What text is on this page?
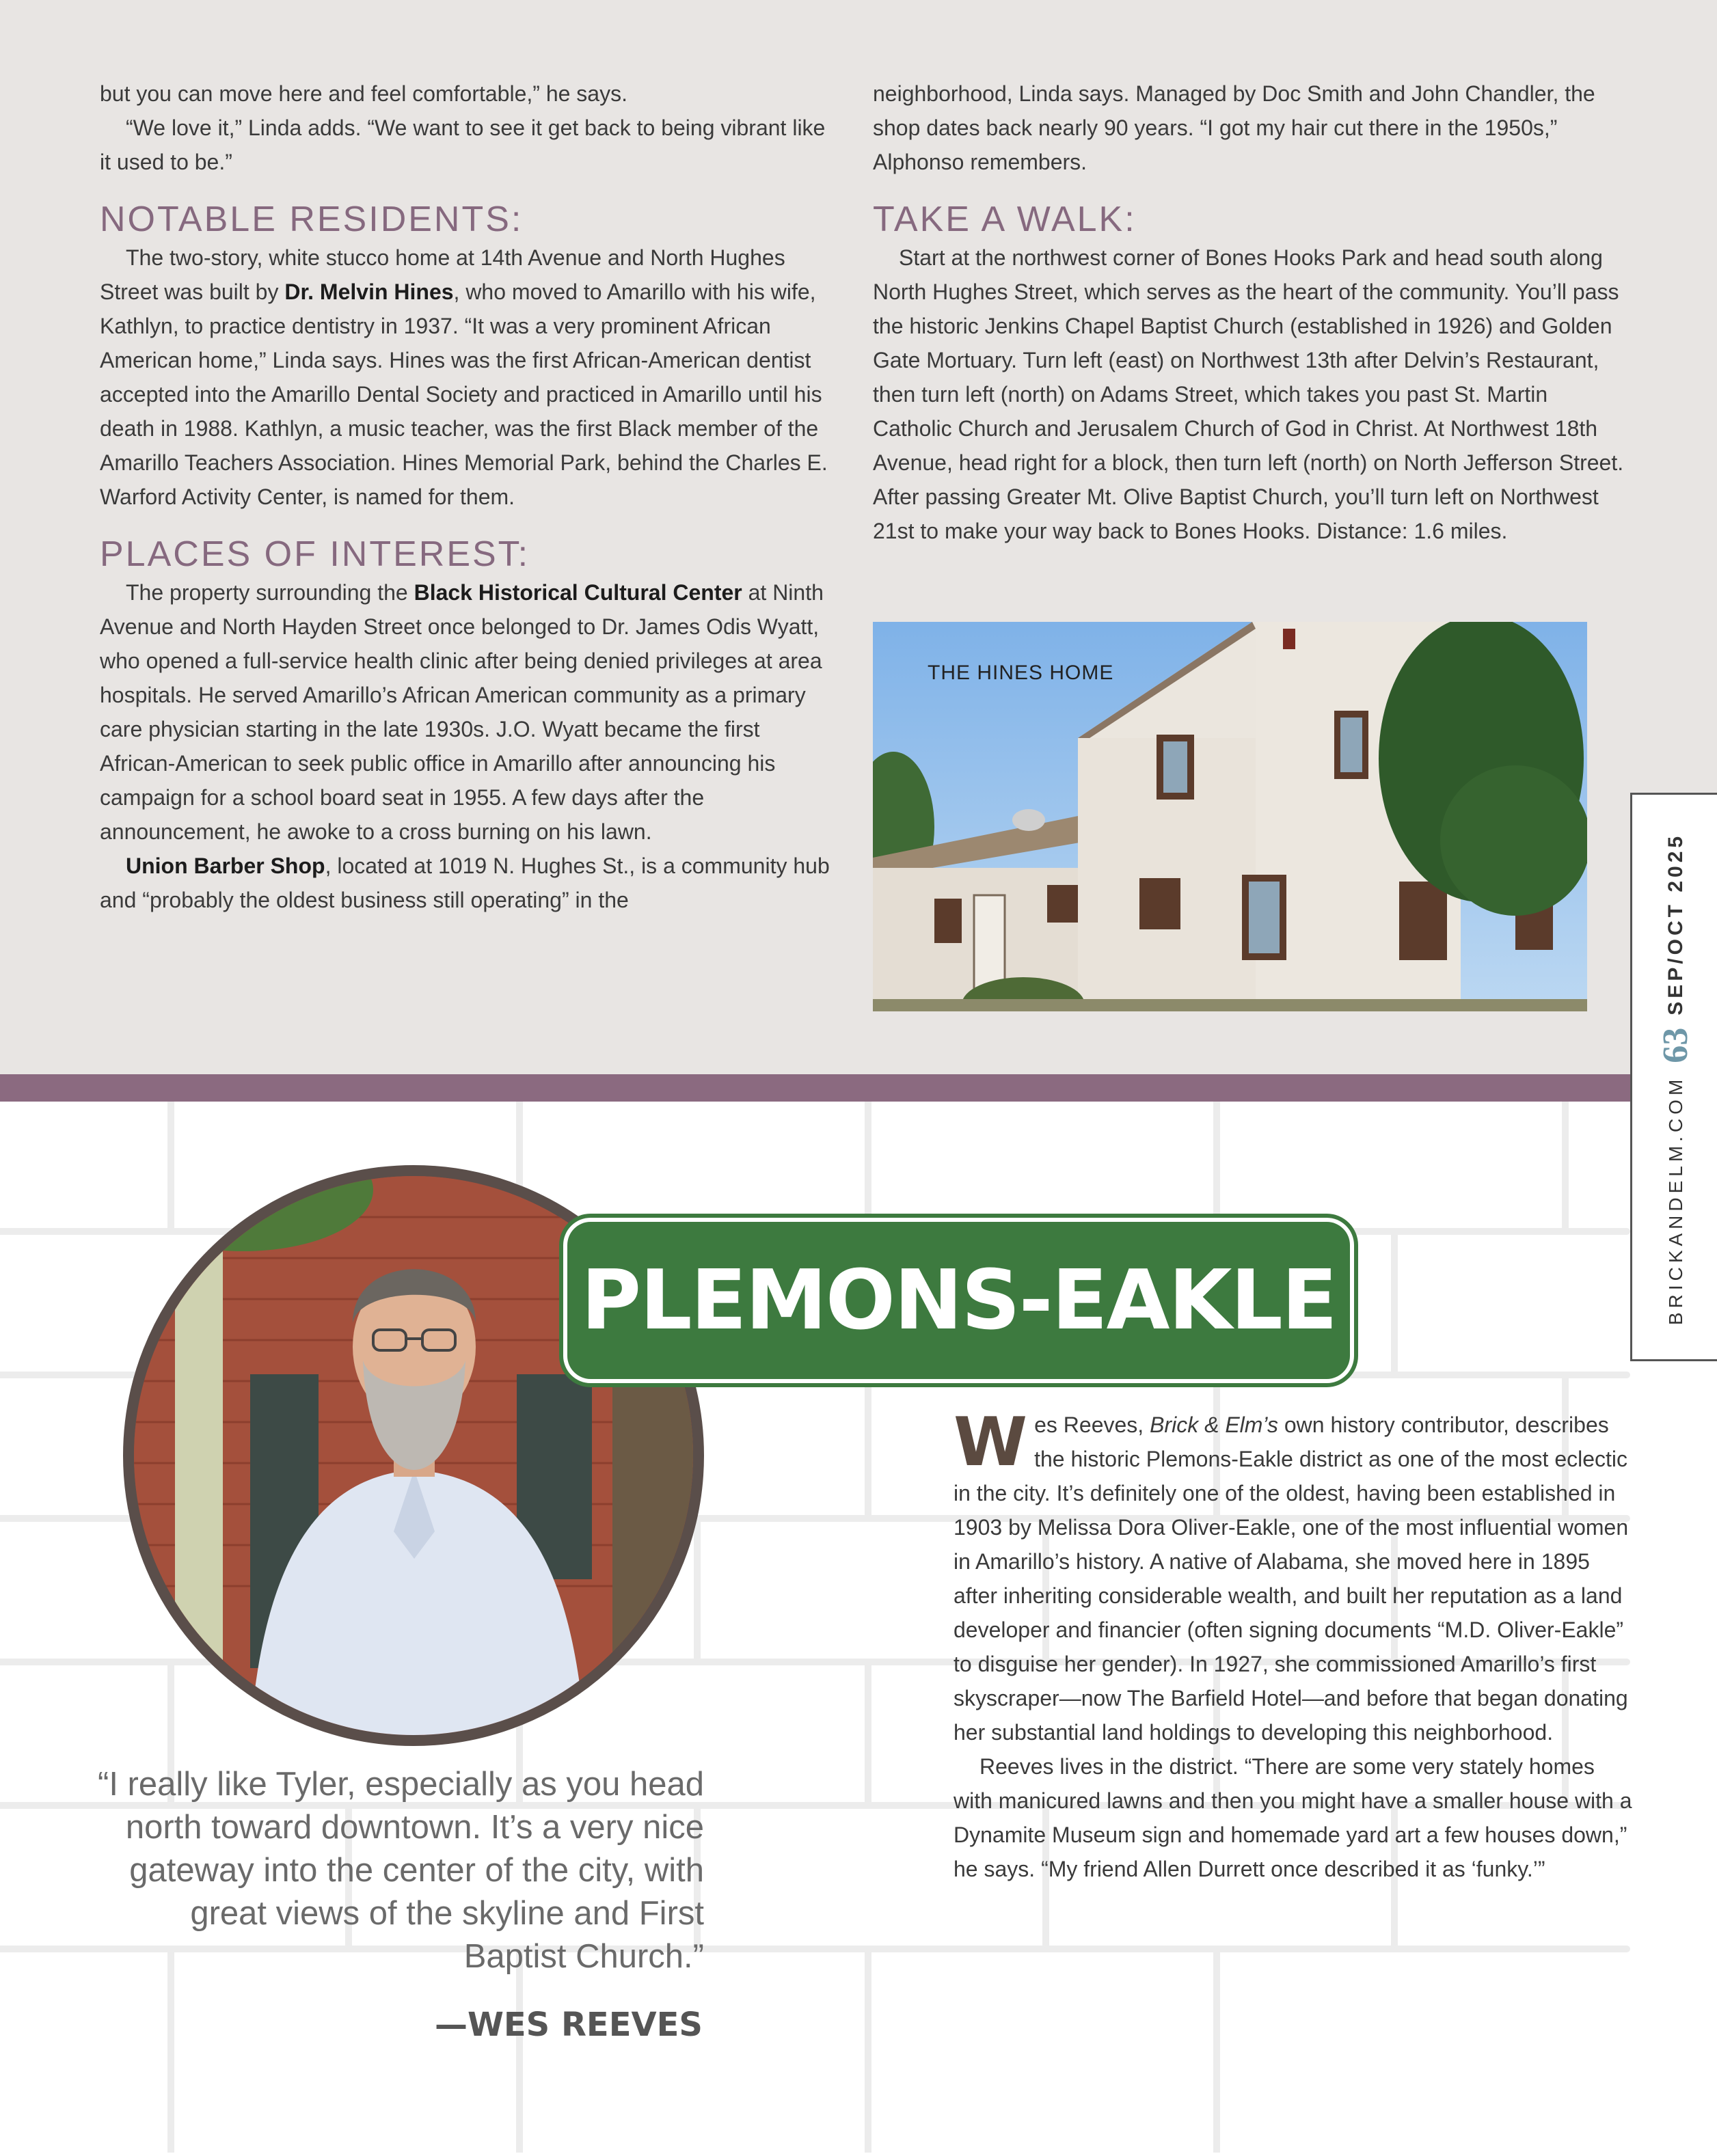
but you can move here and feel comfortable,” he says.

“We love it,” Linda adds. “We want to see it get back to being vibrant like it used to be.”

NOTABLE RESIDENTS:

The two-story, white stucco home at 14th Avenue and North Hughes Street was built by Dr. Melvin Hines, who moved to Amarillo with his wife, Kathlyn, to practice dentistry in 1937. “It was a very prominent African American home,” Linda says. Hines was the first African-American dentist accepted into the Amarillo Dental Society and practiced in Amarillo until his death in 1988. Kathlyn, a music teacher, was the first Black member of the Amarillo Teachers Association. Hines Memorial Park, behind the Charles E. Warford Activity Center, is named for them.

PLACES OF INTEREST:

The property surrounding the Black Historical Cultural Center at Ninth Avenue and North Hayden Street once belonged to Dr. James Odis Wyatt, who opened a full-service health clinic after being denied privileges at area hospitals. He served Amarillo’s African American community as a primary care physician starting in the late 1930s. J.O. Wyatt became the first African-American to seek public office in Amarillo after announcing his campaign for a school board seat in 1955. A few days after the announcement, he awoke to a cross burning on his lawn.

Union Barber Shop, located at 1019 N. Hughes St., is a community hub and “probably the oldest business still operating” in the

neighborhood, Linda says. Managed by Doc Smith and John Chandler, the shop dates back nearly 90 years. “I got my hair cut there in the 1950s,” Alphonso remembers.

TAKE A WALK:

Start at the northwest corner of Bones Hooks Park and head south along North Hughes Street, which serves as the heart of the community. You’ll pass the historic Jenkins Chapel Baptist Church (established in 1926) and Golden Gate Mortuary. Turn left (east) on Northwest 13th after Delvin’s Restaurant, then turn left (north) on Adams Street, which takes you past St. Martin Catholic Church and Jerusalem Church of God in Christ. At Northwest 18th Avenue, head right for a block, then turn left (north) on North Jefferson Street. After passing Greater Mt. Olive Baptist Church, you’ll turn left on Northwest 21st to make your way back to Bones Hooks. Distance: 1.6 miles.

THE HINES HOME
BRICKANDELM.COM
63
SEP/OCT 2025
PLEMONS-EAKLE
“I really like Tyler, especially as you head north toward downtown. It’s a very nice gateway into the center of the city, with great views of the skyline and First Baptist Church.”
—WES REEVES

Wes Reeves, Brick & Elm’s own history contributor, describes the historic Plemons-Eakle district as one of the most eclectic in the city. It’s definitely one of the oldest, having been established in 1903 by Melissa Dora Oliver-Eakle, one of the most influential women in Amarillo’s history. A native of Alabama, she moved here in 1895 after inheriting considerable wealth, and built her reputation as a land developer and financier (often signing documents “M.D. Oliver-Eakle” to disguise her gender). In 1927, she commissioned Amarillo’s first skyscraper—now The Barfield Hotel—and before that began donating her substantial land holdings to developing this neighborhood.

Reeves lives in the district. “There are some very stately homes with manicured lawns and then you might have a smaller house with a Dynamite Museum sign and homemade yard art a few houses down,” he says. “My friend Allen Durrett once described it as ‘funky.’”
